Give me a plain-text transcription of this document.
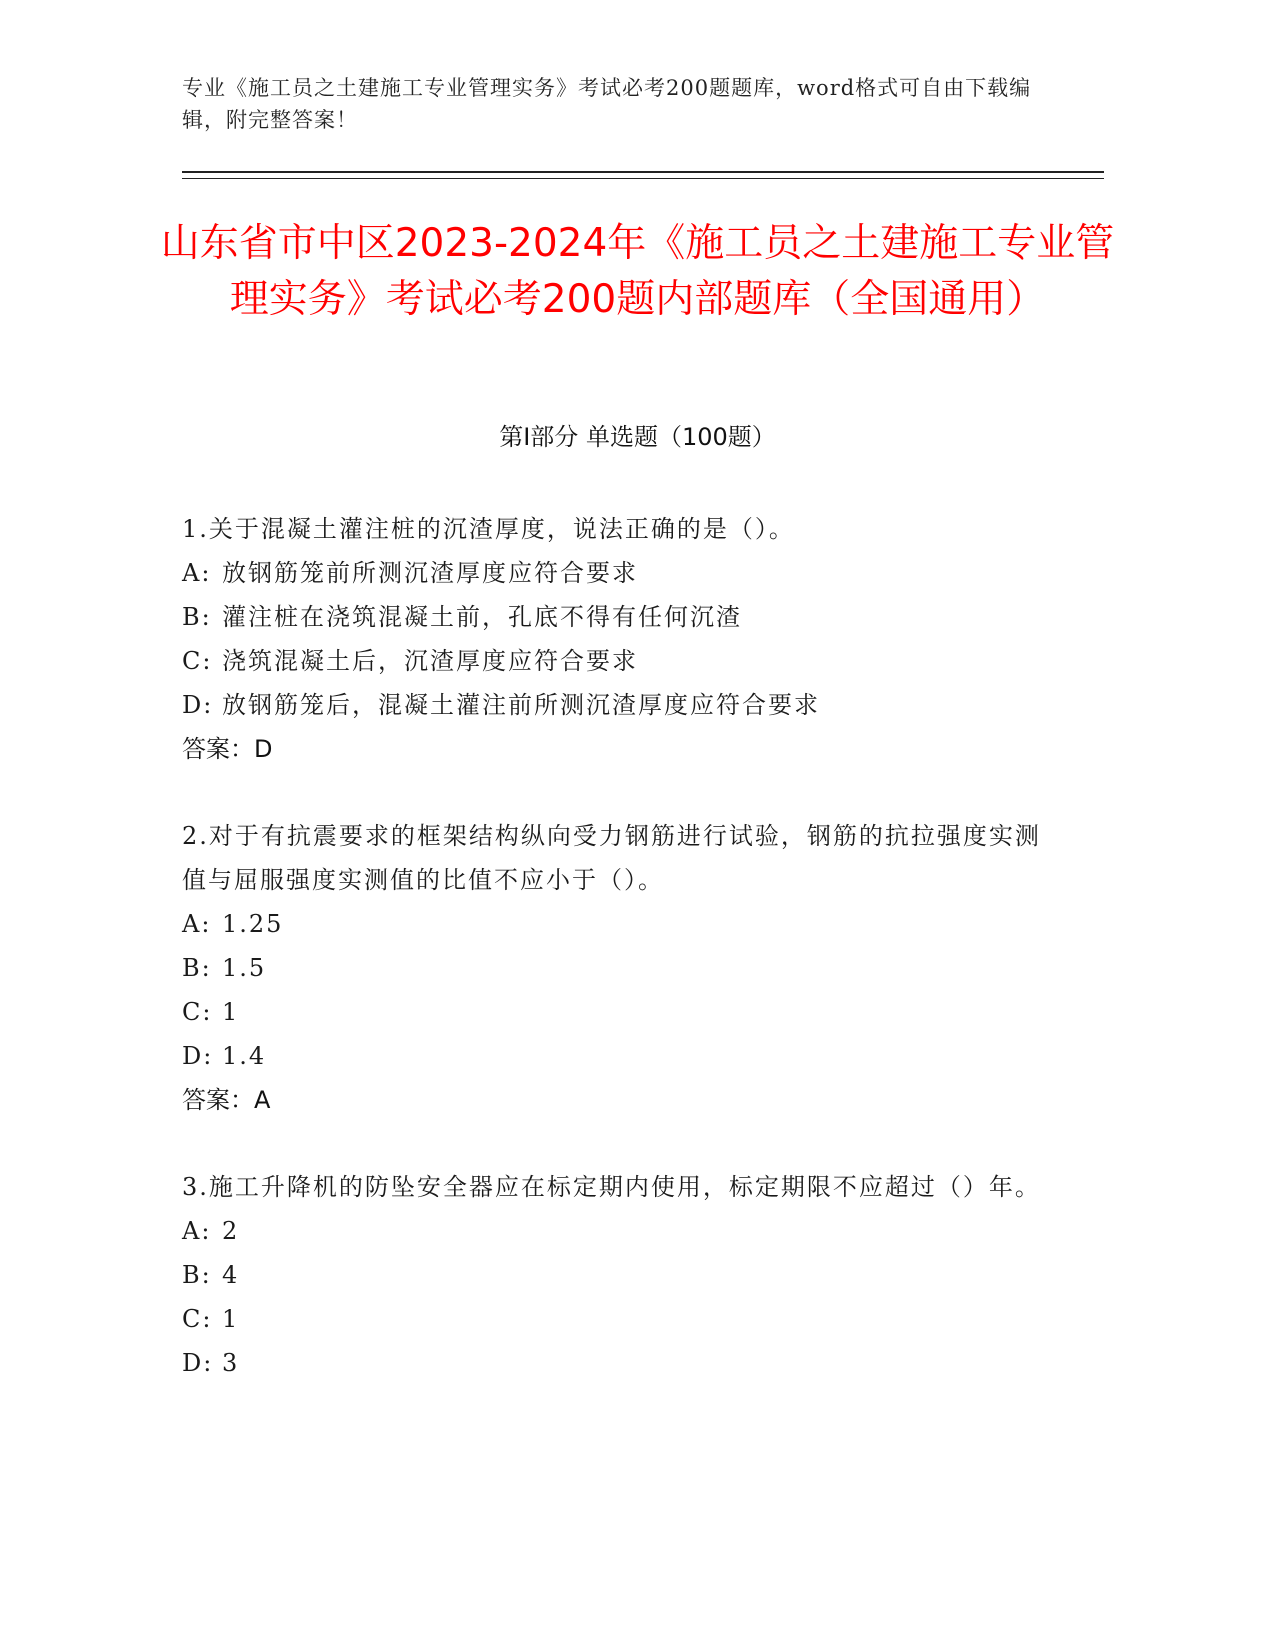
专业《施工员之土建施工专业管理实务》考试必考200题题库，word格式可自由下载编辑，附完整答案！
山东省市中区2023-2024年《施工员之土建施工专业管理实务》考试必考200题内部题库（全国通用）
第Ⅰ部分 单选题（100题）
1.关于混凝土灌注桩的沉渣厚度，说法正确的是（）。
A: 放钢筋笼前所测沉渣厚度应符合要求
B: 灌注桩在浇筑混凝土前，孔底不得有任何沉渣
C: 浇筑混凝土后，沉渣厚度应符合要求
D: 放钢筋笼后，混凝土灌注前所测沉渣厚度应符合要求
答案：D
2.对于有抗震要求的框架结构纵向受力钢筋进行试验，钢筋的抗拉强度实测值与屈服强度实测值的比值不应小于（）。
A: 1.25
B: 1.5
C: 1
D: 1.4
答案：A
3.施工升降机的防坠安全器应在标定期内使用，标定期限不应超过（）年。
A: 2
B: 4
C: 1
D: 3
